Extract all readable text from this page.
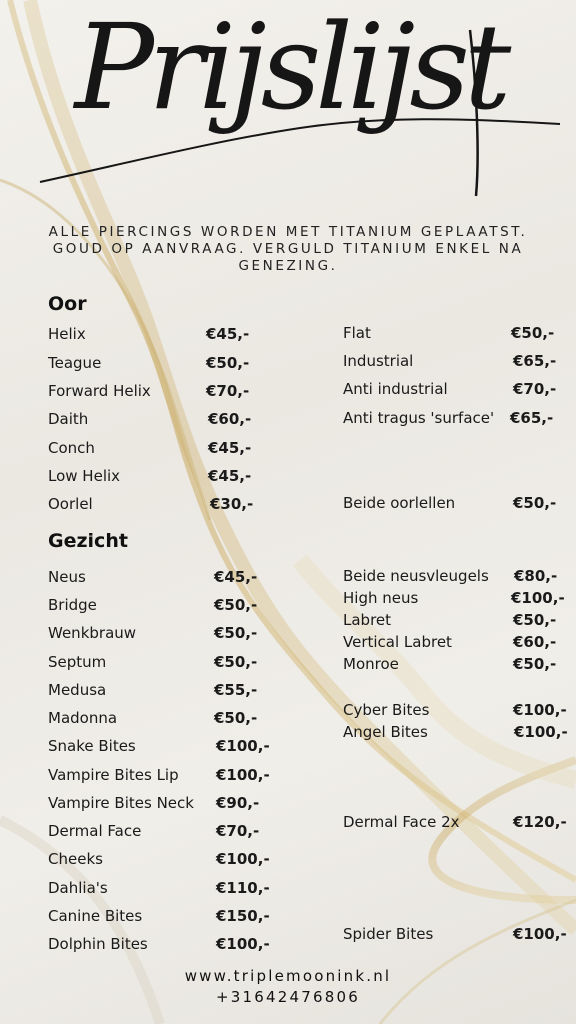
Prijslijst
ALLE PIERCINGS WORDEN MET TITANIUM GEPLAATST. GOUD OP AANVRAAG. VERGULD TITANIUM ENKEL NA GENEZING.
Oor
Gezicht
Helix	€45,-
Teague	€50,-
Forward Helix	€70,-
Daith	€60,-
Conch	€45,-
Low Helix	€45,-
Oorlel	€30,-
Neus	€45,-
Bridge	€50,-
Wenkbrauw	€50,-
Septum	€50,-
Medusa	€55,-
Madonna	€50,-
Snake Bites	€100,-
Vampire Bites Lip €100,-
Vampire Bites Neck €90,-
Dermal Face	€70,-
Cheeks	€100,-
Dahlia's	€110,-
Canine Bites	€150,-
Dolphin Bites	€100,-
Flat	€50,-
Industrial	€65,-
Anti industrial	€70,-
Anti tragus 'surface' €65,-
Beide oorlellen	€50,-
Beide neusvleugels €80,-
High neus	€100,-
Labret	€50,-
Vertical Labret	€60,-
Monroe	€50,-
Cyber Bites	€100,-
Angel Bites	€100,-
Dermal Face 2x	€120,-
Spider Bites	€100,-
www.triplemoonink.nl
+31642476806
